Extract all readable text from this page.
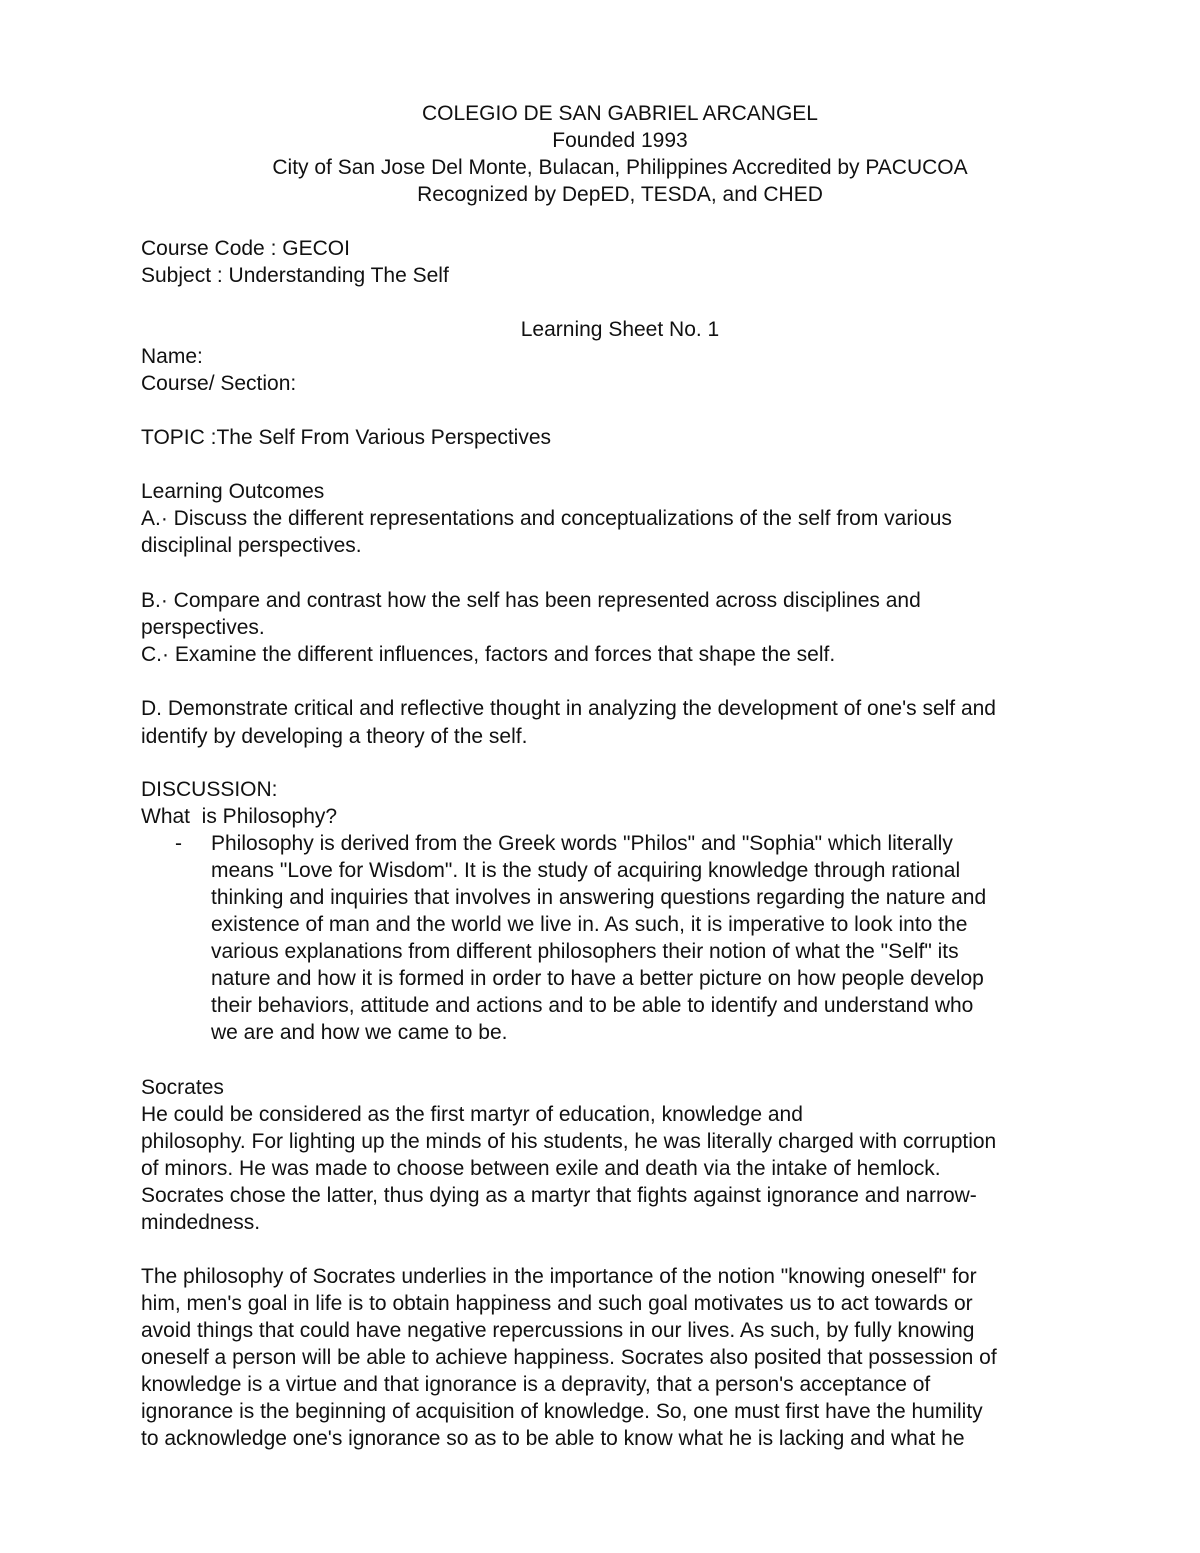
COLEGIO DE SAN GABRIEL ARCANGEL
Founded 1993
City of San Jose Del Monte, Bulacan, Philippines Accredited by PACUCOA
Recognized by DepED, TESDA, and CHED
Course Code : GECOI
Subject : Understanding The Self
Learning Sheet No. 1
Name:
Course/ Section:
TOPIC :The Self From Various Perspectives
Learning Outcomes
A.· Discuss the different representations and conceptualizations of the self from various
disciplinal perspectives.
B.· Compare and contrast how the self has been represented across disciplines and
perspectives.
C.· Examine the different influences, factors and forces that shape the self.
D. Demonstrate critical and reflective thought in analyzing the development of one's self and
identify by developing a theory of the self.
DISCUSSION:
What  is Philosophy?
- Philosophy is derived from the Greek words "Philos" and "Sophia" which literally
means "Love for Wisdom". It is the study of acquiring knowledge through rational
thinking and inquiries that involves in answering questions regarding the nature and
existence of man and the world we live in. As such, it is imperative to look into the
various explanations from different philosophers their notion of what the "Self" its
nature and how it is formed in order to have a better picture on how people develop
their behaviors, attitude and actions and to be able to identify and understand who
we are and how we came to be.
Socrates
He could be considered as the first martyr of education, knowledge and
philosophy. For lighting up the minds of his students, he was literally charged with corruption
of minors. He was made to choose between exile and death via the intake of hemlock.
Socrates chose the latter, thus dying as a martyr that fights against ignorance and narrow-
mindedness.
The philosophy of Socrates underlies in the importance of the notion "knowing oneself" for
him, men's goal in life is to obtain happiness and such goal motivates us to act towards or
avoid things that could have negative repercussions in our lives. As such, by fully knowing
oneself a person will be able to achieve happiness. Socrates also posited that possession of
knowledge is a virtue and that ignorance is a depravity, that a person's acceptance of
ignorance is the beginning of acquisition of knowledge. So, one must first have the humility
to acknowledge one's ignorance so as to be able to know what he is lacking and what he
